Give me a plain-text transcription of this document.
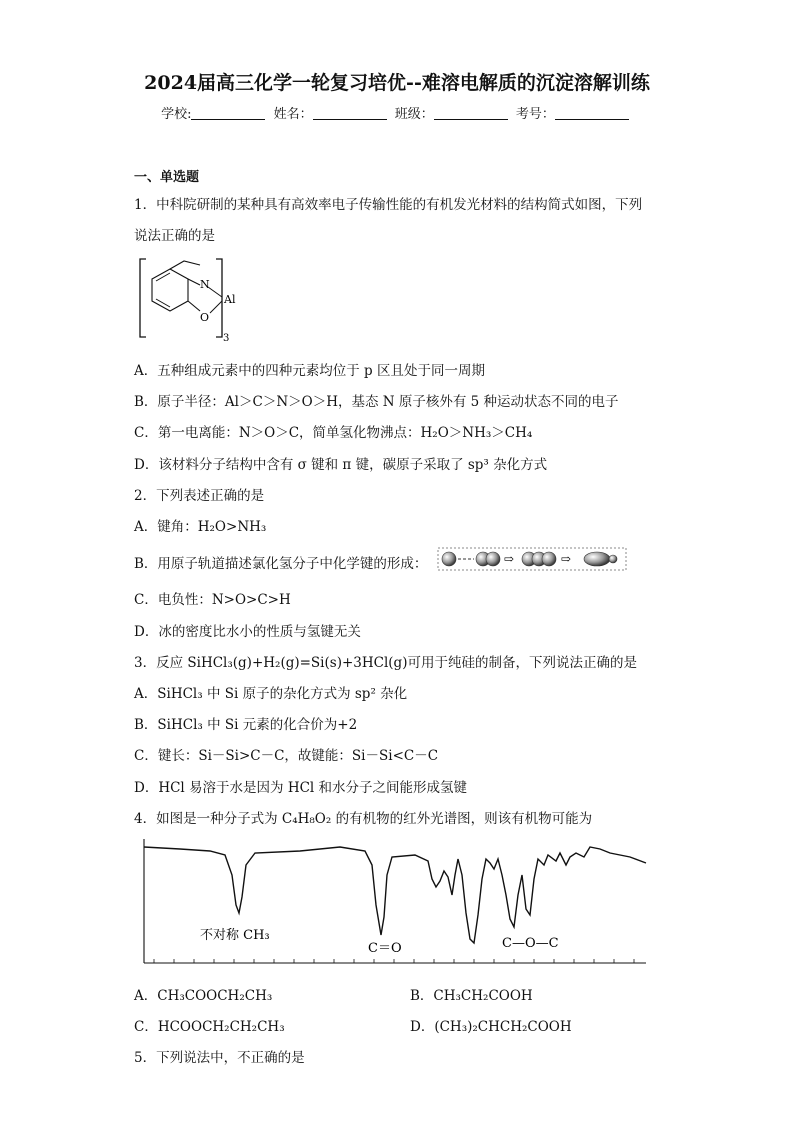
2024届高三化学一轮复习培优--难溶电解质的沉淀溶解训练
学校:	姓名：	班级：	考号：
一、单选题
1．中科院研制的某种具有高效率电子传输性能的有机发光材料的结构简式如图，下列
说法正确的是
N
Al
O
3
A．五种组成元素中的四种元素均位于 p 区且处于同一周期
B．原子半径：Al＞C＞N＞O＞H，基态 N 原子核外有 5 种运动状态不同的电子
C．第一电离能：N＞O＞C，简单氢化物沸点：H₂O＞NH₃＞CH₄
D．该材料分子结构中含有 σ 键和 π 键，碳原子采取了 sp³ 杂化方式
2．下列表述正确的是
A．键角：H₂O>NH₃
B．用原子轨道描述氯化氢分子中化学键的形成：	⇨	⇨
C．电负性：N>O>C>H
D．冰的密度比水小的性质与氢键无关
3．反应 SiHCl₃(g)+H₂(g)=Si(s)+3HCl(g)可用于纯硅的制备，下列说法正确的是
A．SiHCl₃ 中 Si 原子的杂化方式为 sp² 杂化
B．SiHCl₃ 中 Si 元素的化合价为+2
C．键长：Si－Si>C－C，故键能：Si－Si<C－C
D．HCl 易溶于水是因为 HCl 和水分子之间能形成氢键
4．如图是一种分子式为 C₄H₈O₂ 的有机物的红外光谱图，则该有机物可能为
不对称 CH₃
C＝O	C—O—C
A．CH₃COOCH₂CH₃	B．CH₃CH₂COOH
C．HCOOCH₂CH₂CH₃	D．(CH₃)₂CHCH₂COOH
5．下列说法中，不正确的是
